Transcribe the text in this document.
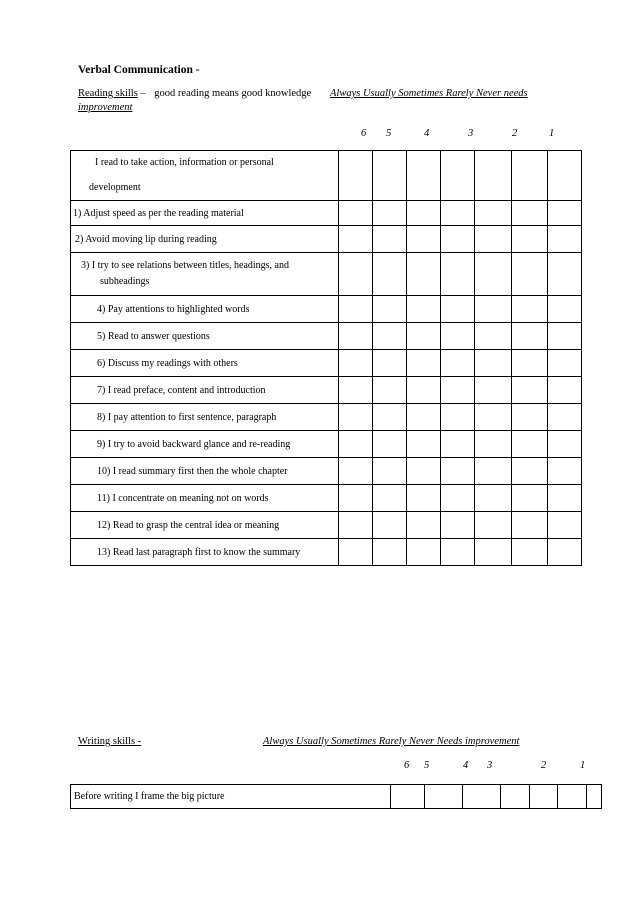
Verbal Communication -
Reading skills – good reading means good knowledge Always Usually Sometimes Rarely Never needs
improvement
6 5	4	3	2	1
I read to take action, information or personal
development							

1) Adjust speed as per the reading material							
2) Avoid moving lip during reading							

3) I try to see relations between titles, headings, and
subheadings							

4) Pay attentions to highlighted words							
5) Read to answer questions							
6) Discuss my readings with others							
7) I read preface, content and introduction							
8) I pay attention to first sentence, paragraph							
9) I try to avoid backward glance and re-reading							
10) I read summary first then the whole chapter							
11) I concentrate on meaning not on words							
12) Read to grasp the central idea or meaning							
13) Read last paragraph first to know the summary							
Writing skills -	Always Usually Sometimes Rarely Never Needs improvement
6 5	4 3	2	1
Before writing I frame the big picture							
